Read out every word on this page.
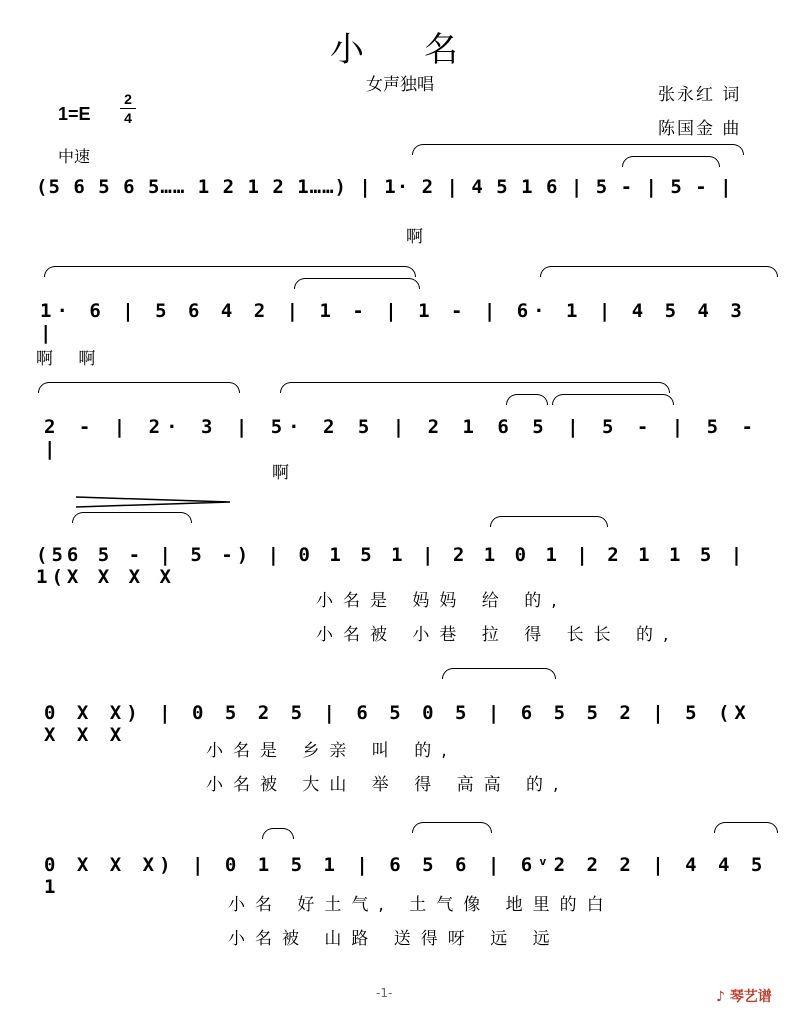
小名
女声独唱	张永红 词
陈国金 曲
$1=E \frac{2}{4}$
中速
(5 6 5 6 5…… 1 2 1 2 1……) | 1· 2 | 4 5 1 6 | 5 - | 5 - |
啊
1· 6 | 5 6 4 2 | 1 - | 1 - | 6· 1 | 4 5 4 3 |
啊 啊
2 - | 2· 3 | 5· 2 5 | 2 1 6 5 | 5 - | 5 - |
啊
(56 5 - | 5 -) | 0 1 5 1 | 2 1 0 1 | 2 1 1 5 | 1(X X X X
小名是 妈妈 给 的,
小名被 小巷 拉 得 长长 的,
0 X X) | 0 5 2 5 | 6 5 0 5 | 6 5 5 2 | 5 (X X X X
小名是 乡亲 叫 的,
小名被 大山 举 得 高高 的,
0 X X X) | 0 1 5 1 | 6 5 6 | 6ᵛ2 2 2 | 4 4 5 1
小名 好土气, 土气像 地里的白
小名被 山路 送得呀 远 远
-1-	♪ 琴艺谱
